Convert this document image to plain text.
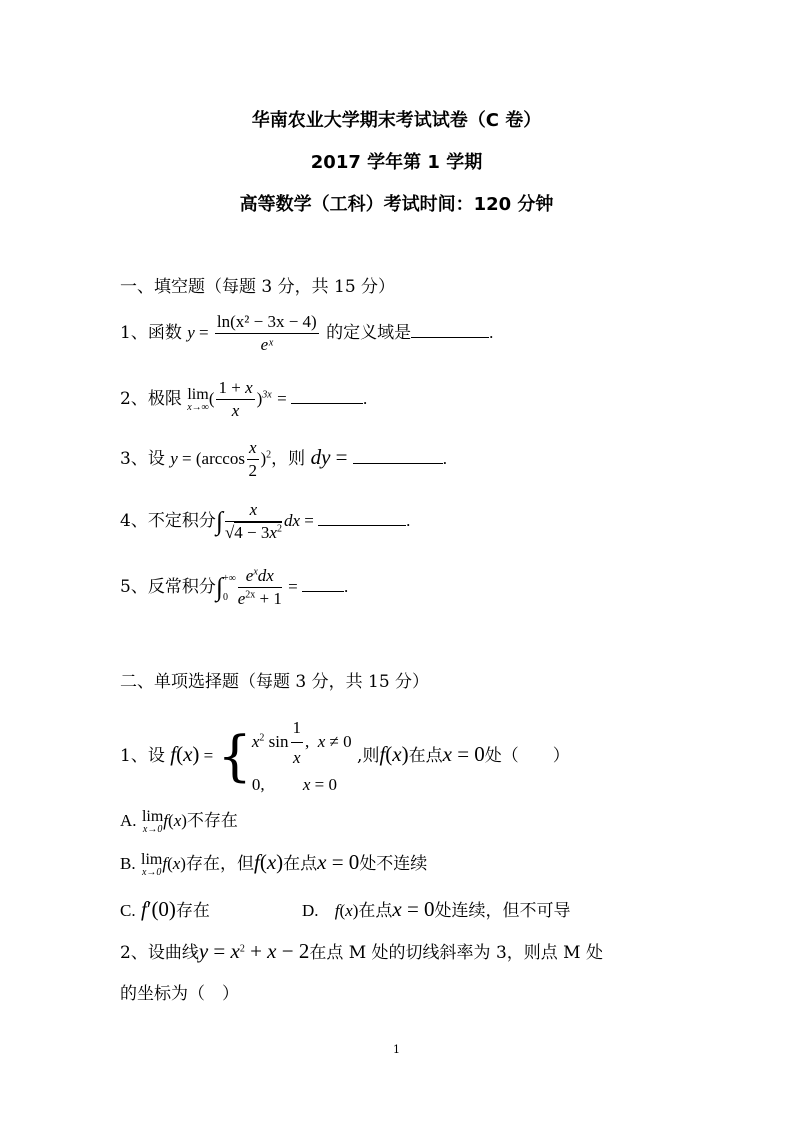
华南农业大学期末考试试卷（C 卷）
2017 学年第 1 学期
高等数学（工科）考试时间：120 分钟
一、填空题（每题 3 分，共 15 分）
1、函数 $y = \frac{\text{ln(x² − 3x − 4)}}{\text{eˣ}}$ 的定义域是	.
2、极限 lim
x→∞ ( $\frac{1 + x}{x} )^{3x}$ =	.
3、设 $y = (\arccos \frac{x}{2} )^2$，则 dy =	.
4、不定积分∫ $\frac{x}{√4 - 3x^2}$ dx =	.
5、反常积分∫ +∞
$0 \frac{e^xdx}{e^{2x} + 1}$ = .
二、单项选择题（每题 3 分，共 15 分）
1、设 f(x) = { $x^2$ $\sin \frac{1}{x}$ ,  x ≠ 0
0,         x = 0
,则f(x)在点x = 0处（　　）
A. lim
x→0 f(x)不存在
B. lim
x→0 f(x)存在，但f(x)在点x = 0处不连续
C. f′(0)存在	D. f(x)在点x = 0处连续，但不可导
2、设曲线$y = x^2 + x - 2$在点 M 处的切线斜率为 3，则点 M 处
的坐标为（　）
1
